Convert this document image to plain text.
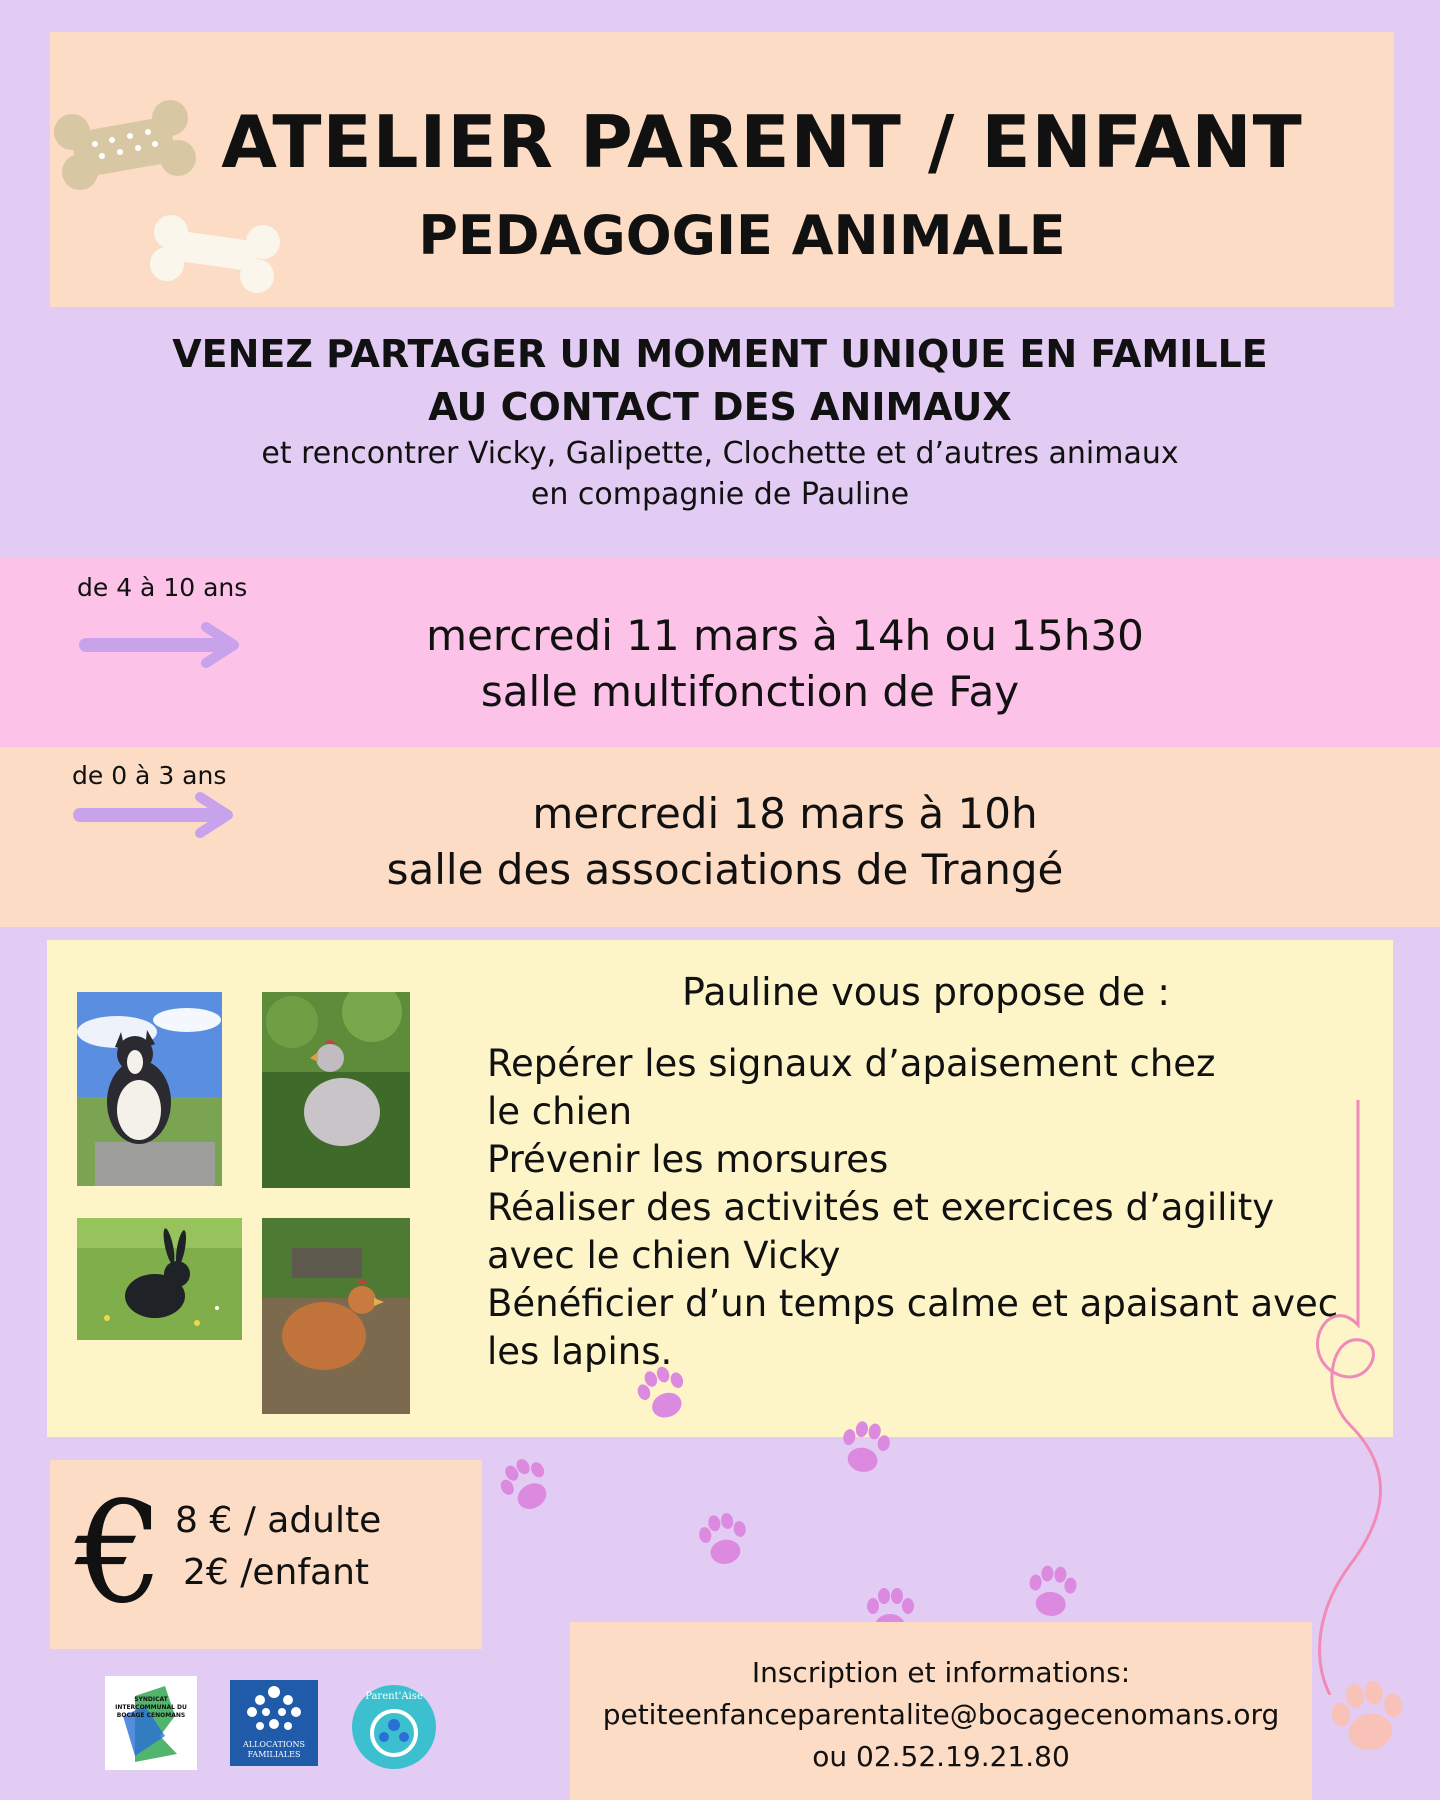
ATELIER PARENT / ENFANT
PEDAGOGIE ANIMALE
VENEZ PARTAGER UN MOMENT UNIQUE EN FAMILLE
AU CONTACT DES ANIMAUX
et rencontrer Vicky, Galipette, Clochette et d’autres animaux
en compagnie de Pauline
de 4 à 10 ans
mercredi 11 mars à 14h ou 15h30
salle multifonction de Fay
de 0 à 3 ans
mercredi 18 mars à 10h
salle des associations de Trangé
Pauline vous propose de :
Repérer les signaux d’apaisement chez
le chien
Prévenir les morsures
Réaliser des activités et exercices d’agility
avec le chien Vicky
Bénéficier d’un temps calme et apaisant avec
les lapins.
€ 8 € / adulte
2€ /enfant
Inscription et informations:
petiteenfanceparentalite@bocagecenomans.org
ou 02.52.19.21.80
SYNDICAT INTERCOMMUNAL DU BOCAGE CENOMANS
ALLOCATIONS FAMILIALES
Parent'Aise
